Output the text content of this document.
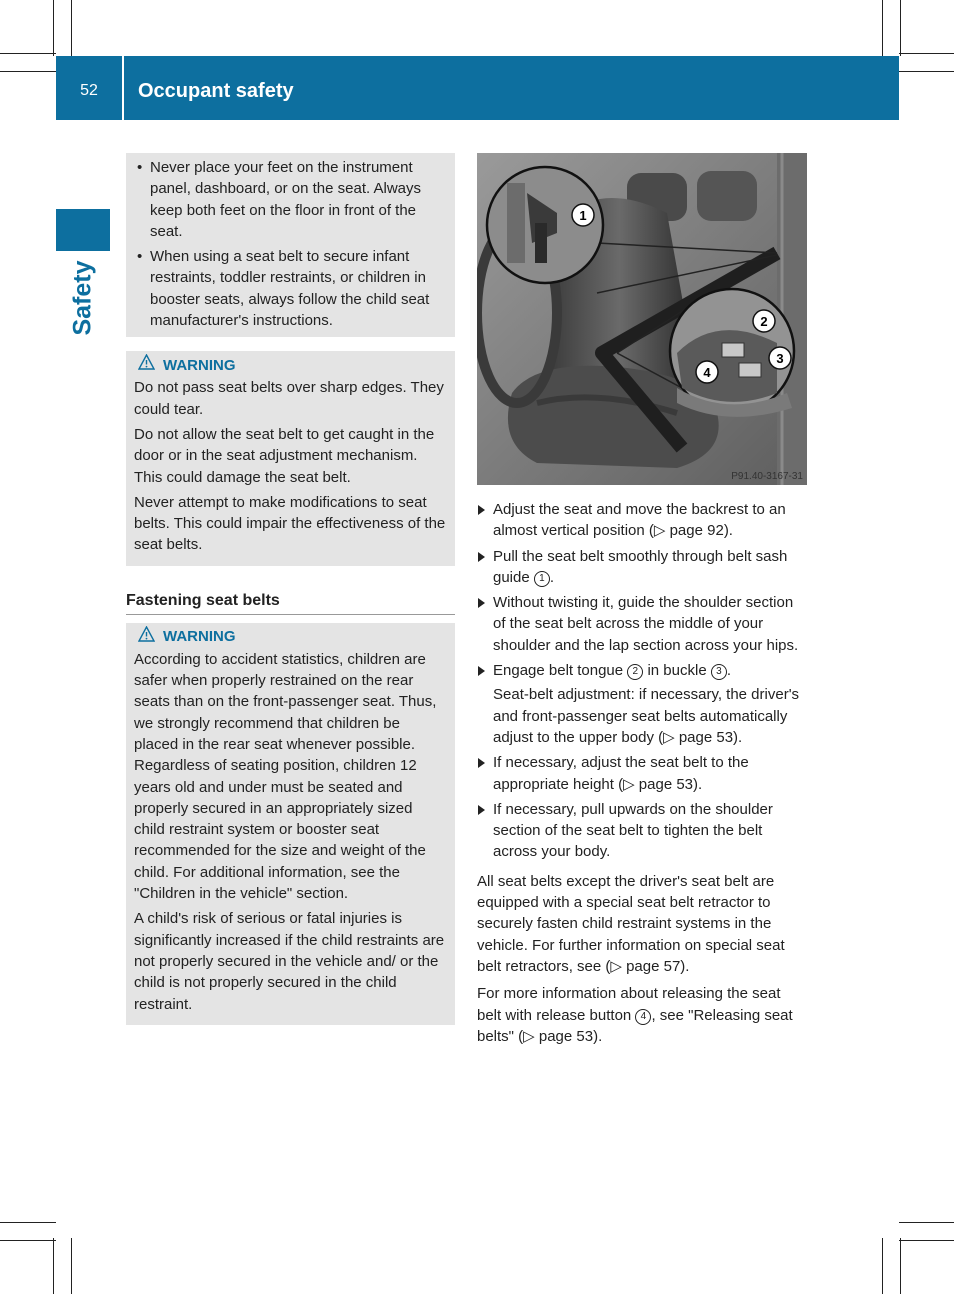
52	Occupant safety
Safety
• Never place your feet on the instrument panel, dashboard, or on the seat. Always keep both feet on the floor in front of the seat.
• When using a seat belt to secure infant restraints, toddler restraints, or children in booster seats, always follow the child seat manufacturer's instructions.
WARNING

Do not pass seat belts over sharp edges. They could tear.

Do not allow the seat belt to get caught in the door or in the seat adjustment mechanism. This could damage the seat belt.

Never attempt to make modifications to seat belts. This could impair the effectiveness of the seat belts.

Fastening seat belts
WARNING

According to accident statistics, children are safer when properly restrained on the rear seats than on the front-passenger seat. Thus, we strongly recommend that children be placed in the rear seat whenever possible. Regardless of seating position, children 12 years old and under must be seated and properly secured in an appropriately sized child restraint system or booster seat recommended for the size and weight of the child. For additional information, see the "Children in the vehicle" section.

A child's risk of serious or fatal injuries is significantly increased if the child restraints are not properly secured in the vehicle and/ or the child is not properly secured in the child restraint.

1
2
3
4
P91.40-3167-31
Adjust the seat and move the backrest to an almost vertical position (▷ page 92).
Pull the seat belt smoothly through belt sash guide 1 .
Without twisting it, guide the shoulder section of the seat belt across the middle of your shoulder and the lap section across your hips.
Engage belt tongue 2 in buckle 3 .
Seat-belt adjustment: if necessary, the driver's and front-passenger seat belts automatically adjust to the upper body (▷ page 53).
If necessary, adjust the seat belt to the appropriate height (▷ page 53).
If necessary, pull upwards on the shoulder section of the seat belt to tighten the belt across your body.

All seat belts except the driver's seat belt are equipped with a special seat belt retractor to securely fasten child restraint systems in the vehicle. For further information on special seat belt retractors, see (▷ page 57).

For more information about releasing the seat belt with release button 4 , see "Releasing seat belts" (▷ page 53).
